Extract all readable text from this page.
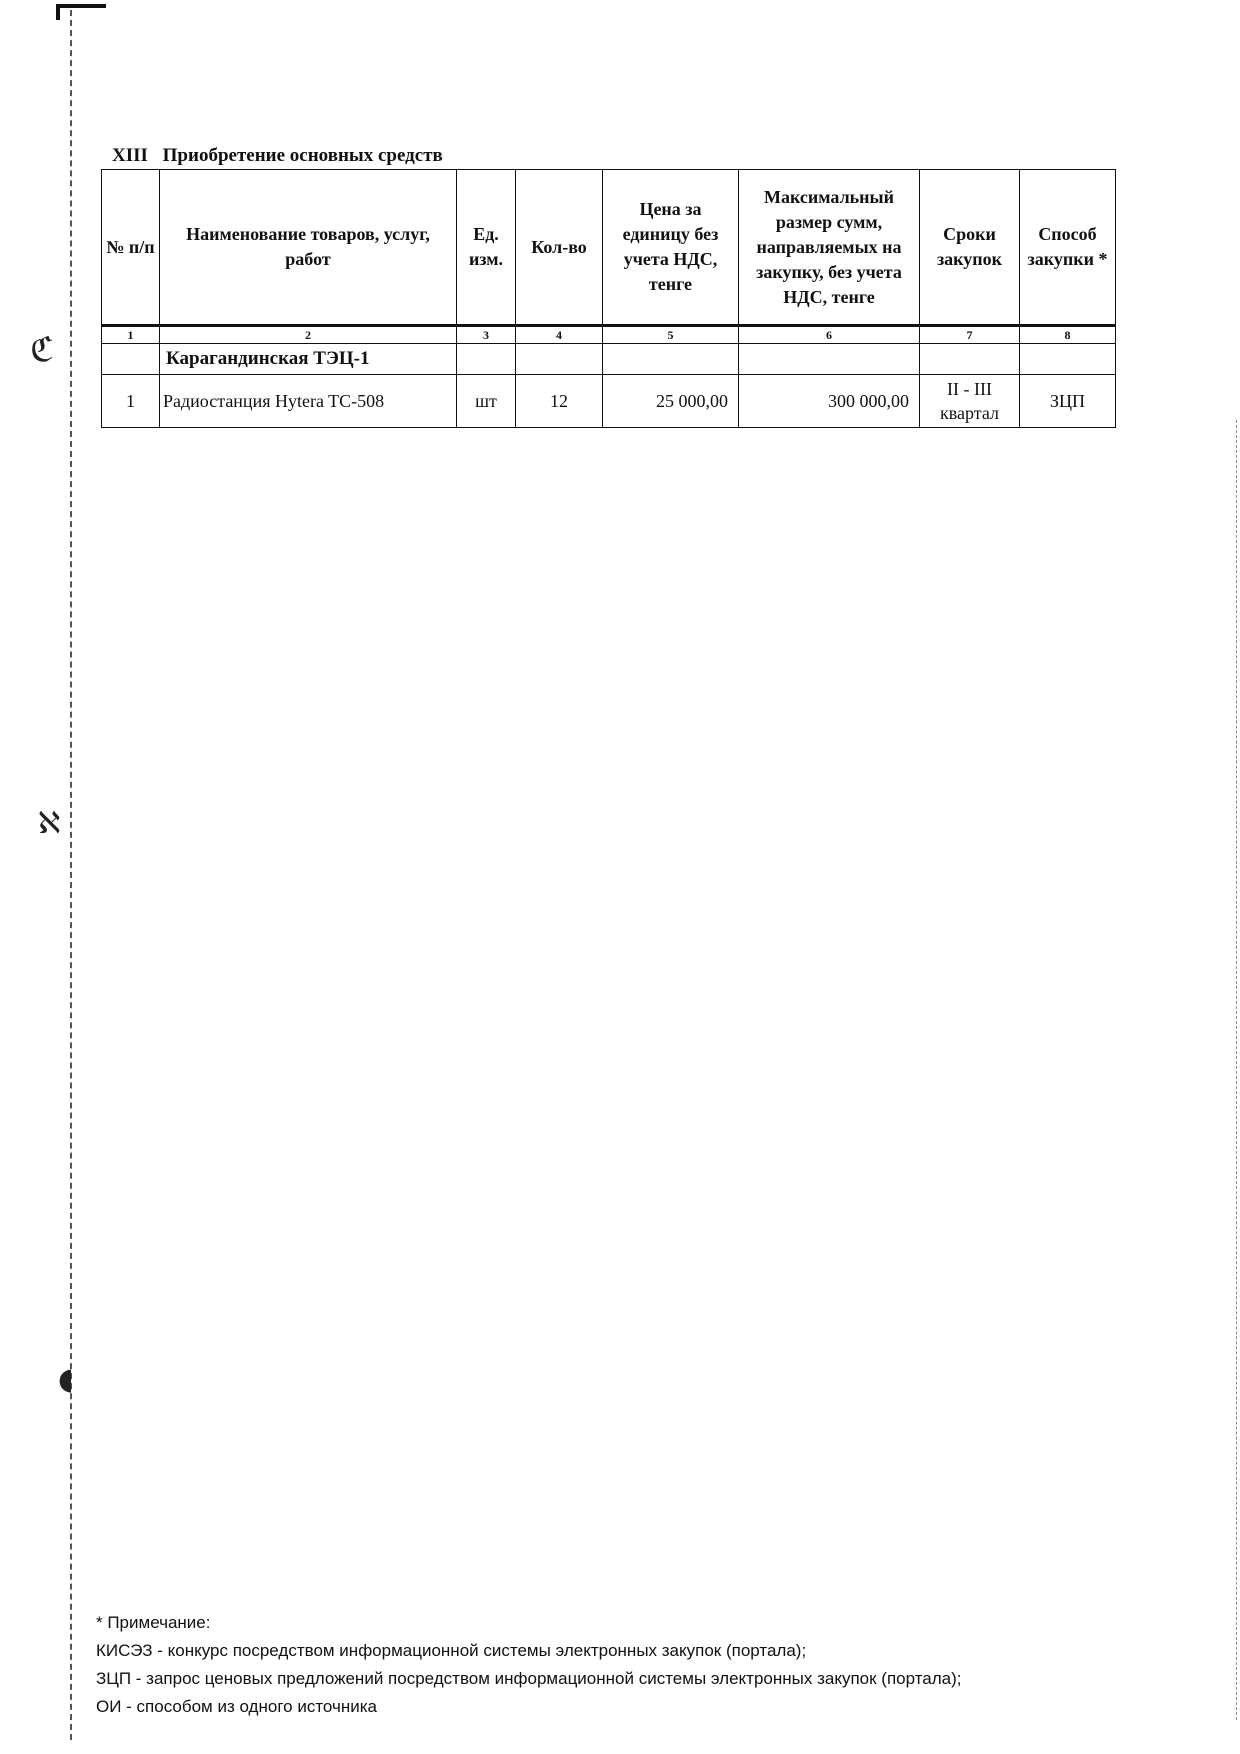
ℭ
ℵ
◖
XIII Приобретение основных средств
№ п/п	Наименование товаров, услуг, работ	Ед. изм.	Кол-во	Цена за единицу без учета НДС, тенге	Максимальный размер сумм, направляемых на закупку, без учета НДС, тенге	Сроки закупок	Способ закупки *
1	2	3	4	5	6	7	8
	Карагандинская ТЭЦ-1						
1	Радиостанция Hytera TC-508	шт	12	25 000,00	300 000,00	II - III квартал	ЗЦП
* Примечание:
КИСЭЗ - конкурс посредством информационной системы электронных закупок (портала);
ЗЦП - запрос ценовых предложений посредством информационной системы электронных закупок (портала);
ОИ - способом из одного источника
